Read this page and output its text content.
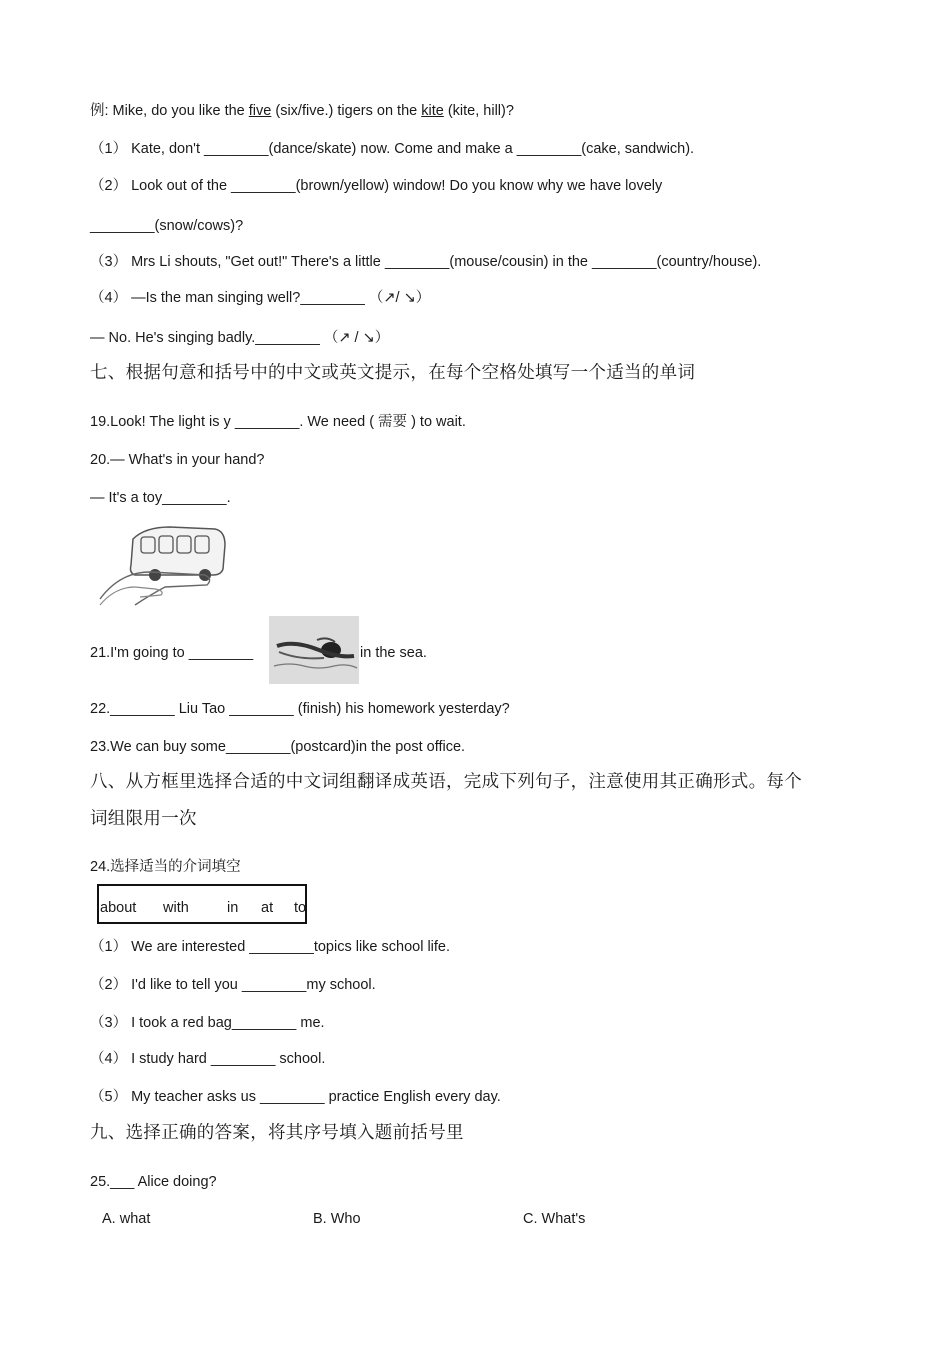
例: Mike, do you like the five (six/five.) tigers on the kite (kite, hill)?
（1） Kate, don't ________(dance/skate) now. Come and make a ________(cake, sandwich).
（2） Look out of the ________(brown/yellow) window! Do you know why we have lovely
________(snow/cows)?
（3） Mrs Li shouts, "Get out!" There's a little ________(mouse/cousin) in the ________(country/house).
（4） —Is the man singing well?________ （↗/ ↘）
— No. He's singing badly.________ （↗ / ↘）
七、根据句意和括号中的中文或英文提示，在每个空格处填写一个适当的单词
19.Look! The light is y ________. We need ( 需要 ) to wait.
20.— What's in your hand?
— It's a toy________.
21.I'm going to ________	in the sea.
22.________ Liu Tao ________ (finish) his homework yesterday?
23.We can buy some________(postcard)in the post office.
八、从方框里选择合适的中文词组翻译成英语，完成下列句子，注意使用其正确形式。每个
词组限用一次
24.选择适当的介词填空
about with	in at to
（1） We are interested ________topics like school life.
（2） I'd like to tell you ________my school.
（3） I took a red bag________ me.
（4） I study hard ________ school.
（5） My teacher asks us ________ practice English every day.
九、选择正确的答案，将其序号填入题前括号里
25.___ Alice doing?
A. what	B. Who	C. What's
